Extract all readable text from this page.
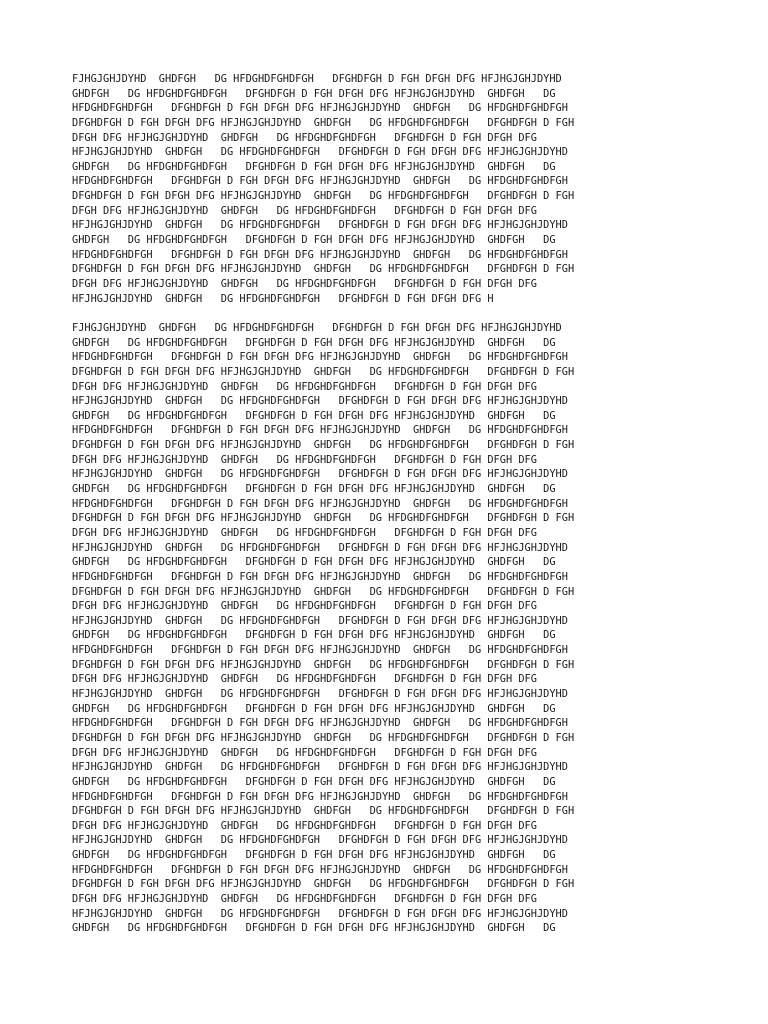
FJHGJGHJDYHD  GHDFGH   DG HFDGHDFGHDFGH   DFGHDFGH D FGH DFGH DFG HFJHGJGHJDYHD
GHDFGH   DG HFDGHDFGHDFGH   DFGHDFGH D FGH DFGH DFG HFJHGJGHJDYHD  GHDFGH   DG
HFDGHDFGHDFGH   DFGHDFGH D FGH DFGH DFG HFJHGJGHJDYHD  GHDFGH   DG HFDGHDFGHDFGH
DFGHDFGH D FGH DFGH DFG HFJHGJGHJDYHD  GHDFGH   DG HFDGHDFGHDFGH   DFGHDFGH D FGH
DFGH DFG HFJHGJGHJDYHD  GHDFGH   DG HFDGHDFGHDFGH   DFGHDFGH D FGH DFGH DFG
HFJHGJGHJDYHD  GHDFGH   DG HFDGHDFGHDFGH   DFGHDFGH D FGH DFGH DFG HFJHGJGHJDYHD
GHDFGH   DG HFDGHDFGHDFGH   DFGHDFGH D FGH DFGH DFG HFJHGJGHJDYHD  GHDFGH   DG
HFDGHDFGHDFGH   DFGHDFGH D FGH DFGH DFG HFJHGJGHJDYHD  GHDFGH   DG HFDGHDFGHDFGH
DFGHDFGH D FGH DFGH DFG HFJHGJGHJDYHD  GHDFGH   DG HFDGHDFGHDFGH   DFGHDFGH D FGH
DFGH DFG HFJHGJGHJDYHD  GHDFGH   DG HFDGHDFGHDFGH   DFGHDFGH D FGH DFGH DFG
HFJHGJGHJDYHD  GHDFGH   DG HFDGHDFGHDFGH   DFGHDFGH D FGH DFGH DFG HFJHGJGHJDYHD
GHDFGH   DG HFDGHDFGHDFGH   DFGHDFGH D FGH DFGH DFG HFJHGJGHJDYHD  GHDFGH   DG
HFDGHDFGHDFGH   DFGHDFGH D FGH DFGH DFG HFJHGJGHJDYHD  GHDFGH   DG HFDGHDFGHDFGH
DFGHDFGH D FGH DFGH DFG HFJHGJGHJDYHD  GHDFGH   DG HFDGHDFGHDFGH   DFGHDFGH D FGH
DFGH DFG HFJHGJGHJDYHD  GHDFGH   DG HFDGHDFGHDFGH   DFGHDFGH D FGH DFGH DFG
HFJHGJGHJDYHD  GHDFGH   DG HFDGHDFGHDFGH   DFGHDFGH D FGH DFGH DFG H
FJHGJGHJDYHD  GHDFGH   DG HFDGHDFGHDFGH   DFGHDFGH D FGH DFGH DFG HFJHGJGHJDYHD
GHDFGH   DG HFDGHDFGHDFGH   DFGHDFGH D FGH DFGH DFG HFJHGJGHJDYHD  GHDFGH   DG
HFDGHDFGHDFGH   DFGHDFGH D FGH DFGH DFG HFJHGJGHJDYHD  GHDFGH   DG HFDGHDFGHDFGH
DFGHDFGH D FGH DFGH DFG HFJHGJGHJDYHD  GHDFGH   DG HFDGHDFGHDFGH   DFGHDFGH D FGH
DFGH DFG HFJHGJGHJDYHD  GHDFGH   DG HFDGHDFGHDFGH   DFGHDFGH D FGH DFGH DFG
HFJHGJGHJDYHD  GHDFGH   DG HFDGHDFGHDFGH   DFGHDFGH D FGH DFGH DFG HFJHGJGHJDYHD
GHDFGH   DG HFDGHDFGHDFGH   DFGHDFGH D FGH DFGH DFG HFJHGJGHJDYHD  GHDFGH   DG
HFDGHDFGHDFGH   DFGHDFGH D FGH DFGH DFG HFJHGJGHJDYHD  GHDFGH   DG HFDGHDFGHDFGH
DFGHDFGH D FGH DFGH DFG HFJHGJGHJDYHD  GHDFGH   DG HFDGHDFGHDFGH   DFGHDFGH D FGH
DFGH DFG HFJHGJGHJDYHD  GHDFGH   DG HFDGHDFGHDFGH   DFGHDFGH D FGH DFGH DFG
HFJHGJGHJDYHD  GHDFGH   DG HFDGHDFGHDFGH   DFGHDFGH D FGH DFGH DFG HFJHGJGHJDYHD
GHDFGH   DG HFDGHDFGHDFGH   DFGHDFGH D FGH DFGH DFG HFJHGJGHJDYHD  GHDFGH   DG
HFDGHDFGHDFGH   DFGHDFGH D FGH DFGH DFG HFJHGJGHJDYHD  GHDFGH   DG HFDGHDFGHDFGH
DFGHDFGH D FGH DFGH DFG HFJHGJGHJDYHD  GHDFGH   DG HFDGHDFGHDFGH   DFGHDFGH D FGH
DFGH DFG HFJHGJGHJDYHD  GHDFGH   DG HFDGHDFGHDFGH   DFGHDFGH D FGH DFGH DFG
HFJHGJGHJDYHD  GHDFGH   DG HFDGHDFGHDFGH   DFGHDFGH D FGH DFGH DFG HFJHGJGHJDYHD
GHDFGH   DG HFDGHDFGHDFGH   DFGHDFGH D FGH DFGH DFG HFJHGJGHJDYHD  GHDFGH   DG
HFDGHDFGHDFGH   DFGHDFGH D FGH DFGH DFG HFJHGJGHJDYHD  GHDFGH   DG HFDGHDFGHDFGH
DFGHDFGH D FGH DFGH DFG HFJHGJGHJDYHD  GHDFGH   DG HFDGHDFGHDFGH   DFGHDFGH D FGH
DFGH DFG HFJHGJGHJDYHD  GHDFGH   DG HFDGHDFGHDFGH   DFGHDFGH D FGH DFGH DFG
HFJHGJGHJDYHD  GHDFGH   DG HFDGHDFGHDFGH   DFGHDFGH D FGH DFGH DFG HFJHGJGHJDYHD
GHDFGH   DG HFDGHDFGHDFGH   DFGHDFGH D FGH DFGH DFG HFJHGJGHJDYHD  GHDFGH   DG
HFDGHDFGHDFGH   DFGHDFGH D FGH DFGH DFG HFJHGJGHJDYHD  GHDFGH   DG HFDGHDFGHDFGH
DFGHDFGH D FGH DFGH DFG HFJHGJGHJDYHD  GHDFGH   DG HFDGHDFGHDFGH   DFGHDFGH D FGH
DFGH DFG HFJHGJGHJDYHD  GHDFGH   DG HFDGHDFGHDFGH   DFGHDFGH D FGH DFGH DFG
HFJHGJGHJDYHD  GHDFGH   DG HFDGHDFGHDFGH   DFGHDFGH D FGH DFGH DFG HFJHGJGHJDYHD
GHDFGH   DG HFDGHDFGHDFGH   DFGHDFGH D FGH DFGH DFG HFJHGJGHJDYHD  GHDFGH   DG
HFDGHDFGHDFGH   DFGHDFGH D FGH DFGH DFG HFJHGJGHJDYHD  GHDFGH   DG HFDGHDFGHDFGH
DFGHDFGH D FGH DFGH DFG HFJHGJGHJDYHD  GHDFGH   DG HFDGHDFGHDFGH   DFGHDFGH D FGH
DFGH DFG HFJHGJGHJDYHD  GHDFGH   DG HFDGHDFGHDFGH   DFGHDFGH D FGH DFGH DFG
HFJHGJGHJDYHD  GHDFGH   DG HFDGHDFGHDFGH   DFGHDFGH D FGH DFGH DFG HFJHGJGHJDYHD
GHDFGH   DG HFDGHDFGHDFGH   DFGHDFGH D FGH DFGH DFG HFJHGJGHJDYHD  GHDFGH   DG
HFDGHDFGHDFGH   DFGHDFGH D FGH DFGH DFG HFJHGJGHJDYHD  GHDFGH   DG HFDGHDFGHDFGH
DFGHDFGH D FGH DFGH DFG HFJHGJGHJDYHD  GHDFGH   DG HFDGHDFGHDFGH   DFGHDFGH D FGH
DFGH DFG HFJHGJGHJDYHD  GHDFGH   DG HFDGHDFGHDFGH   DFGHDFGH D FGH DFGH DFG
HFJHGJGHJDYHD  GHDFGH   DG HFDGHDFGHDFGH   DFGHDFGH D FGH DFGH DFG HFJHGJGHJDYHD
GHDFGH   DG HFDGHDFGHDFGH   DFGHDFGH D FGH DFGH DFG HFJHGJGHJDYHD  GHDFGH   DG
HFDGHDFGHDFGH   DFGHDFGH D FGH DFGH DFG HFJHGJGHJDYHD  GHDFGH   DG HFDGHDFGHDFGH
DFGHDFGH D FGH DFGH DFG HFJHGJGHJDYHD  GHDFGH   DG HFDGHDFGHDFGH   DFGHDFGH D FGH
DFGH DFG HFJHGJGHJDYHD  GHDFGH   DG HFDGHDFGHDFGH   DFGHDFGH D FGH DFGH DFG
HFJHGJGHJDYHD  GHDFGH   DG HFDGHDFGHDFGH   DFGHDFGH D FGH DFGH DFG HFJHGJGHJDYHD
GHDFGH   DG HFDGHDFGHDFGH   DFGHDFGH D FGH DFGH DFG HFJHGJGHJDYHD  GHDFGH   DG
